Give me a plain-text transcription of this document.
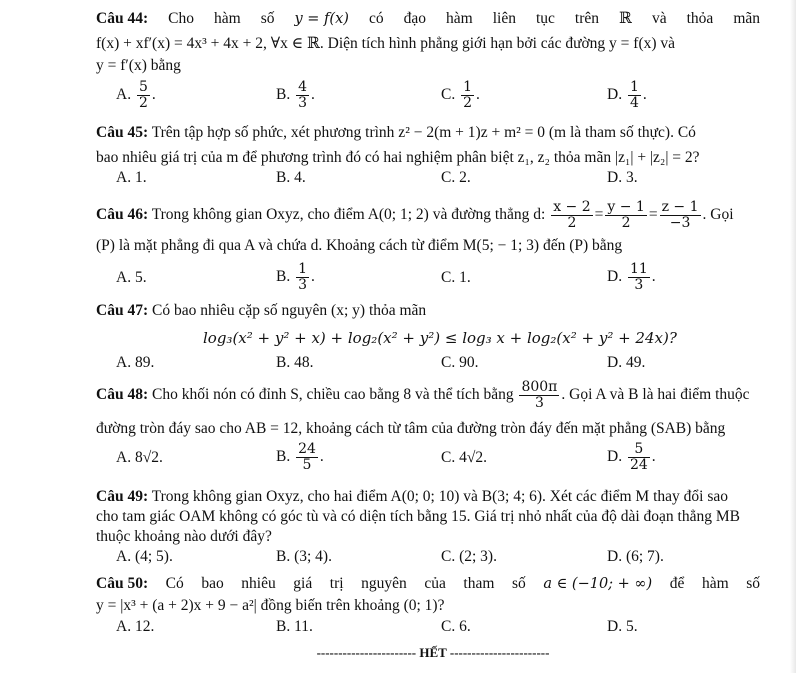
Câu 44: Cho hàm số y = f(x) có đạo hàm liên tục trên ℝ và thỏa mãn
f(x) + xf′(x) = 4x³ + 4x + 2, ∀x ∈ ℝ. Diện tích hình phẳng giới hạn bởi các đường y = f(x) và
y = f′(x) bằng
A. $\frac{5}{2}$ .	B. $\frac{4}{3}$ .	C. $\frac{1}{2}$ .	D. $\frac{1}{4}$ .
Câu 45: Trên tập hợp số phức, xét phương trình z² − 2(m + 1)z + m² = 0 (m là tham số thực). Có
bao nhiêu giá trị của m để phương trình đó có hai nghiệm phân biệt z₁, z₂ thỏa mãn |z₁| + |z₂| = 2?
A. 1.	B. 4.	C. 2.	D. 3.
Câu 46: Trong không gian Oxyz, cho điểm A(0; 1; 2) và đường thẳng d: $\frac{x - 2}{2} = \frac{y - 1}{2} = \frac{z - 1}{-3}$ . Gọi
(P) là mặt phẳng đi qua A và chứa d. Khoảng cách từ điểm M(5; − 1; 3) đến (P) bằng
A. 5.	B. $\frac{1}{3}$ .	C. 1.	D. $\frac{11}{3}$ .
Câu 47: Có bao nhiêu cặp số nguyên (x; y) thỏa mãn
log₃(x² + y² + x) + log₂(x² + y²) ≤ log₃ x + log₂(x² + y² + 24x)?
A. 89.	B. 48.	C. 90.	D. 49.
Câu 48: Cho khối nón có đỉnh S, chiều cao bằng 8 và thể tích bằng $\frac{800\pi}{3}$ . Gọi A và B là hai điểm thuộc
đường tròn đáy sao cho AB = 12, khoảng cách từ tâm của đường tròn đáy đến mặt phẳng (SAB) bằng
A. 8√2.	B. $\frac{24}{5}$ .	C. 4√2.	D. $\frac{5}{24}$ .
Câu 49: Trong không gian Oxyz, cho hai điểm A(0; 0; 10) và B(3; 4; 6). Xét các điểm M thay đổi sao
cho tam giác OAM không có góc tù và có diện tích bằng 15. Giá trị nhỏ nhất của độ dài đoạn thẳng MB
thuộc khoảng nào dưới đây?
A. (4; 5).	B. (3; 4).	C. (2; 3).	D. (6; 7).
Câu 50: Có bao nhiêu giá trị nguyên của tham số a ∈ (−10; + ∞) để hàm số
y = |x³ + (a + 2)x + 9 − a²| đồng biến trên khoảng (0; 1)?
A. 12.	B. 11.	C. 6.	D. 5.
----------------------- HẾT -----------------------
